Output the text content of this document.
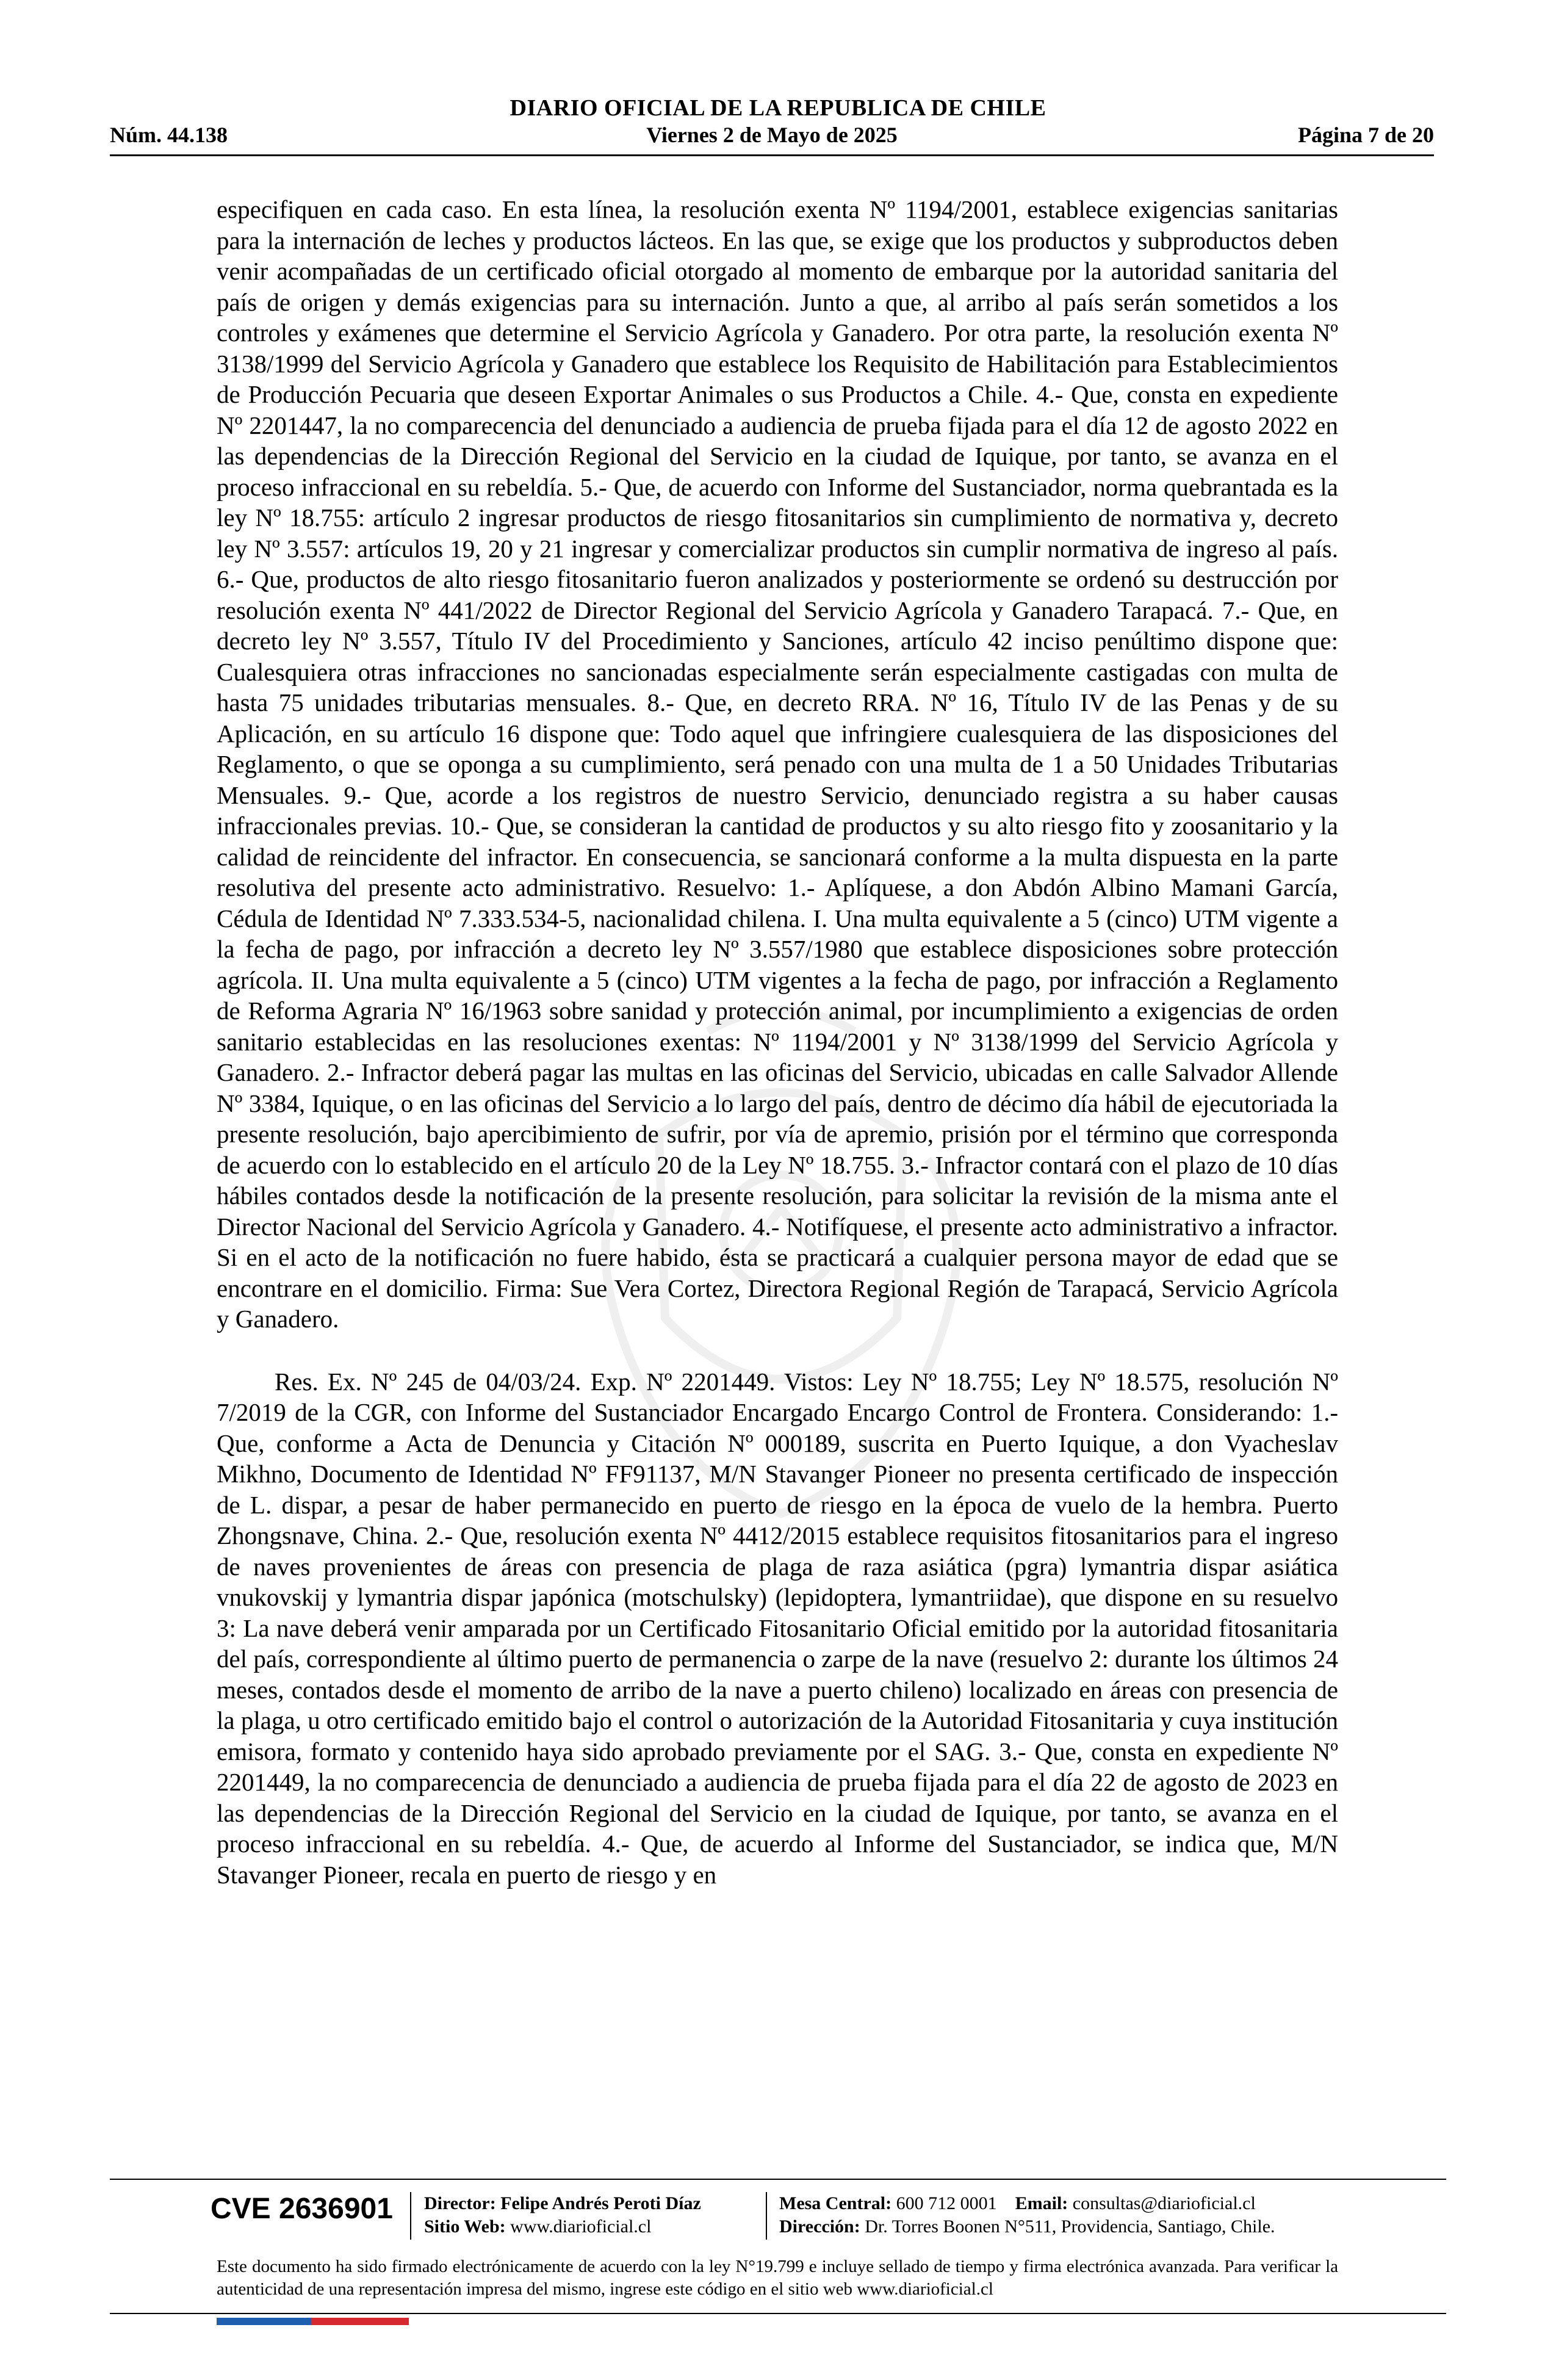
DIARIO OFICIAL DE LA REPUBLICA DE CHILE
Núm. 44.138	Viernes 2 de Mayo de 2025	Página 7 de 20

especifiquen en cada caso. En esta línea, la resolución exenta Nº 1194/2001, establece exigencias sanitarias para la internación de leches y productos lácteos. En las que, se exige que los productos y subproductos deben venir acompañadas de un certificado oficial otorgado al momento de embarque por la autoridad sanitaria del país de origen y demás exigencias para su internación. Junto a que, al arribo al país serán sometidos a los controles y exámenes que determine el Servicio Agrícola y Ganadero. Por otra parte, la resolución exenta Nº 3138/1999 del Servicio Agrícola y Ganadero que establece los Requisito de Habilitación para Establecimientos de Producción Pecuaria que deseen Exportar Animales o sus Productos a Chile. 4.- Que, consta en expediente Nº 2201447, la no comparecencia del denunciado a audiencia de prueba fijada para el día 12 de agosto 2022 en las dependencias de la Dirección Regional del Servicio en la ciudad de Iquique, por tanto, se avanza en el proceso infraccional en su rebeldía. 5.- Que, de acuerdo con Informe del Sustanciador, norma quebrantada es la ley Nº 18.755: artículo 2 ingresar productos de riesgo fitosanitarios sin cumplimiento de normativa y, decreto ley Nº 3.557: artículos 19, 20 y 21 ingresar y comercializar productos sin cumplir normativa de ingreso al país. 6.- Que, productos de alto riesgo fitosanitario fueron analizados y posteriormente se ordenó su destrucción por resolución exenta Nº 441/2022 de Director Regional del Servicio Agrícola y Ganadero Tarapacá. 7.- Que, en decreto ley Nº 3.557, Título IV del Procedimiento y Sanciones, artículo 42 inciso penúltimo dispone que: Cualesquiera otras infracciones no sancionadas especialmente serán especialmente castigadas con multa de hasta 75 unidades tributarias mensuales. 8.- Que, en decreto RRA. Nº 16, Título IV de las Penas y de su Aplicación, en su artículo 16 dispone que: Todo aquel que infringiere cualesquiera de las disposiciones del Reglamento, o que se oponga a su cumplimiento, será penado con una multa de 1 a 50 Unidades Tributarias Mensuales. 9.- Que, acorde a los registros de nuestro Servicio, denunciado registra a su haber causas infraccionales previas. 10.- Que, se consideran la cantidad de productos y su alto riesgo fito y zoosanitario y la calidad de reincidente del infractor. En consecuencia, se sancionará conforme a la multa dispuesta en la parte resolutiva del presente acto administrativo. Resuelvo: 1.- Aplíquese, a don Abdón Albino Mamani García, Cédula de Identidad Nº 7.333.534-5, nacionalidad chilena. I. Una multa equivalente a 5 (cinco) UTM vigente a la fecha de pago, por infracción a decreto ley Nº 3.557/1980 que establece disposiciones sobre protección agrícola. II. Una multa equivalente a 5 (cinco) UTM vigentes a la fecha de pago, por infracción a Reglamento de Reforma Agraria Nº 16/1963 sobre sanidad y protección animal, por incumplimiento a exigencias de orden sanitario establecidas en las resoluciones exentas: Nº 1194/2001 y Nº 3138/1999 del Servicio Agrícola y Ganadero. 2.- Infractor deberá pagar las multas en las oficinas del Servicio, ubicadas en calle Salvador Allende Nº 3384, Iquique, o en las oficinas del Servicio a lo largo del país, dentro de décimo día hábil de ejecutoriada la presente resolución, bajo apercibimiento de sufrir, por vía de apremio, prisión por el término que corresponda de acuerdo con lo establecido en el artículo 20 de la Ley Nº 18.755. 3.- Infractor contará con el plazo de 10 días hábiles contados desde la notificación de la presente resolución, para solicitar la revisión de la misma ante el Director Nacional del Servicio Agrícola y Ganadero. 4.- Notifíquese, el presente acto administrativo a infractor. Si en el acto de la notificación no fuere habido, ésta se practicará a cualquier persona mayor de edad que se encontrare en el domicilio. Firma: Sue Vera Cortez, Directora Regional Región de Tarapacá, Servicio Agrícola y Ganadero.

Res. Ex. Nº 245 de 04/03/24. Exp. Nº 2201449. Vistos: Ley Nº 18.755; Ley Nº 18.575, resolución Nº 7/2019 de la CGR, con Informe del Sustanciador Encargado Encargo Control de Frontera. Considerando: 1.- Que, conforme a Acta de Denuncia y Citación Nº 000189, suscrita en Puerto Iquique, a don Vyacheslav Mikhno, Documento de Identidad Nº FF91137, M/N Stavanger Pioneer no presenta certificado de inspección de L. dispar, a pesar de haber permanecido en puerto de riesgo en la época de vuelo de la hembra. Puerto Zhongsnave, China. 2.- Que, resolución exenta Nº 4412/2015 establece requisitos fitosanitarios para el ingreso de naves provenientes de áreas con presencia de plaga de raza asiática (pgra) lymantria dispar asiática vnukovskij y lymantria dispar japónica (motschulsky) (lepidoptera, lymantriidae), que dispone en su resuelvo 3: La nave deberá venir amparada por un Certificado Fitosanitario Oficial emitido por la autoridad fitosanitaria del país, correspondiente al último puerto de permanencia o zarpe de la nave (resuelvo 2: durante los últimos 24 meses, contados desde el momento de arribo de la nave a puerto chileno) localizado en áreas con presencia de la plaga, u otro certificado emitido bajo el control o autorización de la Autoridad Fitosanitaria y cuya institución emisora, formato y contenido haya sido aprobado previamente por el SAG. 3.- Que, consta en expediente Nº 2201449, la no comparecencia de denunciado a audiencia de prueba fijada para el día 22 de agosto de 2023 en las dependencias de la Dirección Regional del Servicio en la ciudad de Iquique, por tanto, se avanza en el proceso infraccional en su rebeldía. 4.- Que, de acuerdo al Informe del Sustanciador, se indica que, M/N Stavanger Pioneer, recala en puerto de riesgo y en

CVE 2636901 Director: Felipe Andrés Peroti Díaz
Sitio Web: www.diarioficial.cl
Mesa Central: 600 712 0001 Email: consultas@diarioficial.cl
Dirección: Dr. Torres Boonen N°511, Providencia, Santiago, Chile.
Este documento ha sido firmado electrónicamente de acuerdo con la ley N°19.799 e incluye sellado de tiempo y firma electrónica avanzada. Para verificar la autenticidad de una representación impresa del mismo, ingrese este código en el sitio web www.diarioficial.cl
